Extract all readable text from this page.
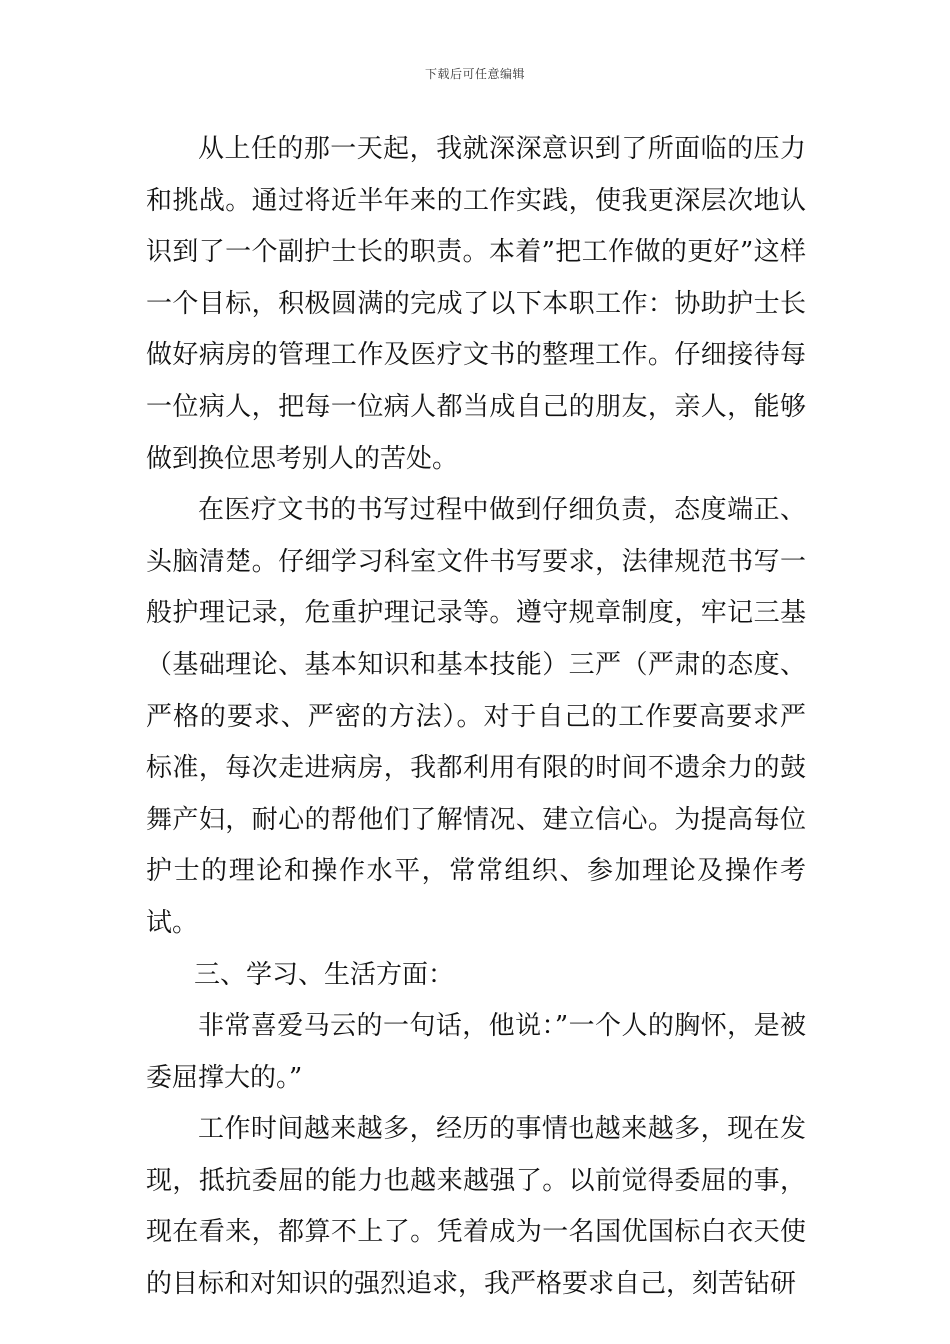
下载后可任意编辑

从上任的那一天起，我就深深意识到了所面临的压力和挑战。通过将近半年来的工作实践，使我更深层次地认识到了一个副护士长的职责。本着”把工作做的更好”这样一个目标，积极圆满的完成了以下本职工作：协助护士长做好病房的管理工作及医疗文书的整理工作。仔细接待每一位病人，把每一位病人都当成自己的朋友，亲人，能够做到换位思考别人的苦处。

在医疗文书的书写过程中做到仔细负责，态度端正、头脑清楚。仔细学习科室文件书写要求，法律规范书写一般护理记录，危重护理记录等。遵守规章制度，牢记三基（基础理论、基本知识和基本技能）三严（严肃的态度、严格的要求、严密的方法）。对于自己的工作要高要求严标准，每次走进病房，我都利用有限的时间不遗余力的鼓舞产妇，耐心的帮他们了解情况、建立信心。为提高每位护士的理论和操作水平，常常组织、参加理论及操作考试。

三、学习、生活方面：

非常喜爱马云的一句话，他说：”一个人的胸怀，是被委屈撑大的。”

工作时间越来越多，经历的事情也越来越多，现在发现，抵抗委屈的能力也越来越强了。以前觉得委屈的事，现在看来，都算不上了。凭着成为一名国优国标白衣天使的目标和对知识的强烈追求，我严格要求自己，刻苦钻研
